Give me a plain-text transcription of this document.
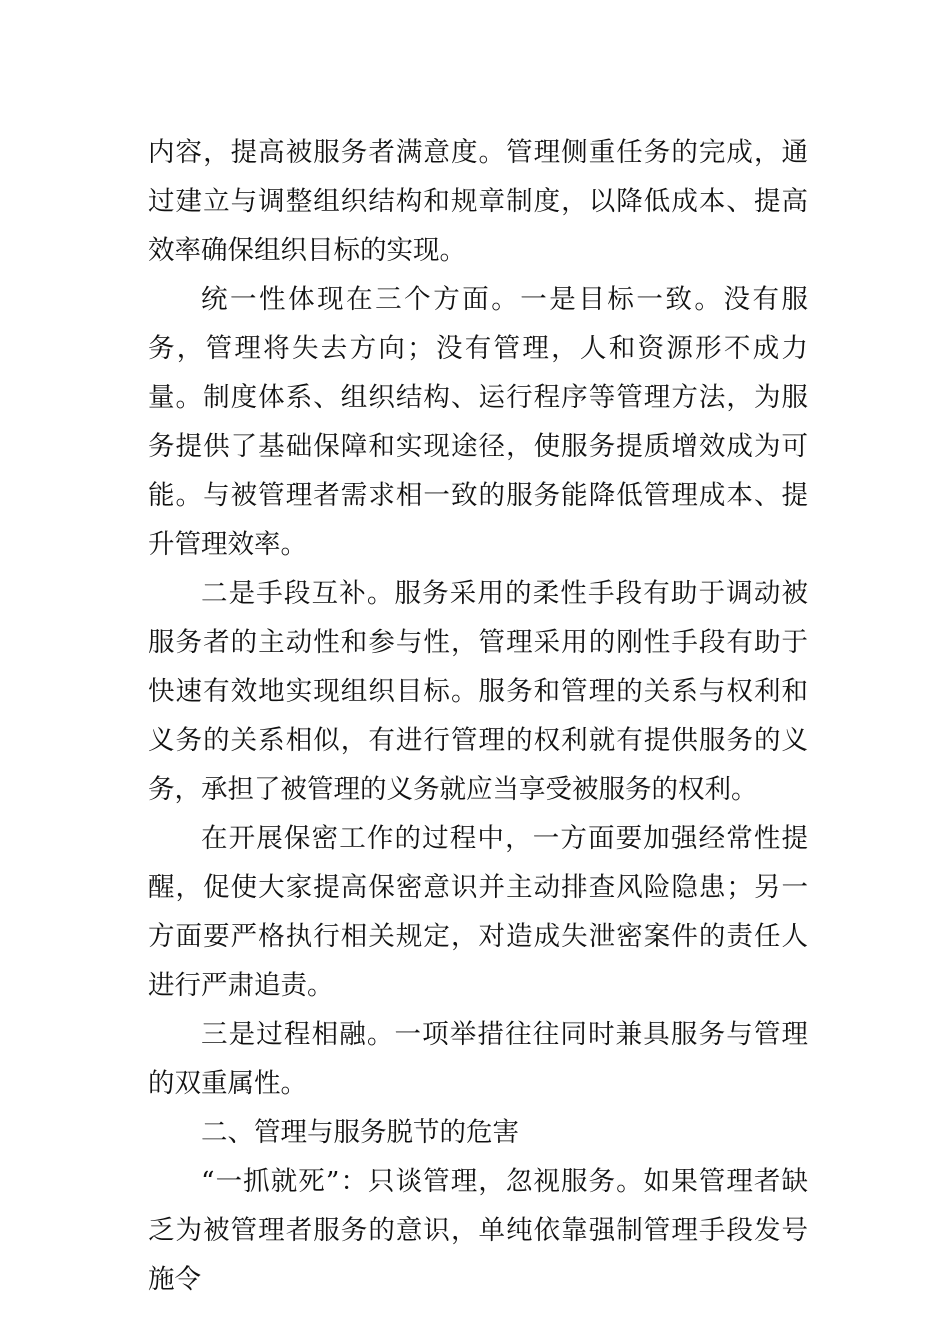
内容，提高被服务者满意度。管理侧重任务的完成，通过建立与调整组织结构和规章制度，以降低成本、提高效率确保组织目标的实现。

统一性体现在三个方面。一是目标一致。没有服务，管理将失去方向；没有管理，人和资源形不成力量。制度体系、组织结构、运行程序等管理方法，为服务提供了基础保障和实现途径，使服务提质增效成为可能。与被管理者需求相一致的服务能降低管理成本、提升管理效率。

二是手段互补。服务采用的柔性手段有助于调动被服务者的主动性和参与性，管理采用的刚性手段有助于快速有效地实现组织目标。服务和管理的关系与权利和义务的关系相似，有进行管理的权利就有提供服务的义务，承担了被管理的义务就应当享受被服务的权利。

在开展保密工作的过程中，一方面要加强经常性提醒，促使大家提高保密意识并主动排查风险隐患；另一方面要严格执行相关规定，对造成失泄密案件的责任人进行严肃追责。

三是过程相融。一项举措往往同时兼具服务与管理的双重属性。

二、管理与服务脱节的危害

“一抓就死”：只谈管理，忽视服务。如果管理者缺乏为被管理者服务的意识，单纯依靠强制管理手段发号施令
